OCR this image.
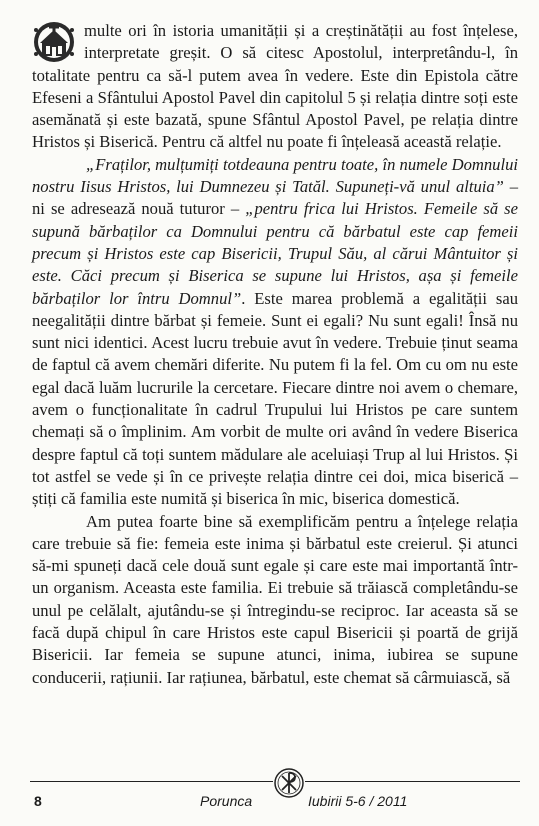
multe ori în istoria umanității și a creștinătății au fost înțelese, interpretate greșit. O să citesc Apostolul, interpretându-l, în totalitate pentru ca să-l putem avea în vedere. Este din Epistola către Efeseni a Sfântului Apostol Pavel din capitolul 5 și relația dintre soți este asemănată și este bazată, spune Sfântul Apostol Pavel, pe relația dintre Hristos și Biserică. Pentru că altfel nu poate fi înțeleasă această relație.

„Fraților, mulțumiți totdeauna pentru toate, în numele Domnului nostru Iisus Hristos, lui Dumnezeu și Tatăl. Supuneți-vă unul altuia” – ni se adresează nouă tuturor – „pentru frica lui Hristos. Femeile să se supună bărbaților ca Domnului pentru că bărbatul este cap femeii precum și Hristos este cap Bisericii, Trupul Său, al cărui Mântuitor și este. Căci precum și Biserica se supune lui Hristos, așa și femeile bărbaților lor întru Domnul”. Este marea problemă a egalității sau neegalității dintre bărbat și femeie. Sunt ei egali? Nu sunt egali! Însă nu sunt nici identici. Acest lucru trebuie avut în vedere. Trebuie ținut seama de faptul că avem chemări diferite. Nu putem fi la fel. Om cu om nu este egal dacă luăm lucrurile la cercetare. Fiecare dintre noi avem o chemare, avem o funcționalitate în cadrul Trupului lui Hristos pe care suntem chemați să o împlinim. Am vorbit de multe ori având în vedere Biserica despre faptul că toți suntem mădulare ale aceluiași Trup al lui Hristos. Și tot astfel se vede și în ce privește relația dintre cei doi, mica biserică – știți că familia este numită și biserica în mic, biserica domestică.

Am putea foarte bine să exemplificăm pentru a înțelege relația care trebuie să fie: femeia este inima și bărbatul este creierul. Și atunci să-mi spuneți dacă cele două sunt egale și care este mai importantă într-un organism. Aceasta este familia. Ei trebuie să trăiască completându-se unul pe celălalt, ajutându-se și întregindu-se reciproc. Iar aceasta să se facă după chipul în care Hristos este capul Bisericii și poartă de grijă Bisericii. Iar femeia se supune atunci, inima, iubirea se supune conducerii, rațiunii. Iar rațiunea, bărbatul, este chemat să cârmuiască, să

8	Porunca	Iubirii 5-6 / 2011
